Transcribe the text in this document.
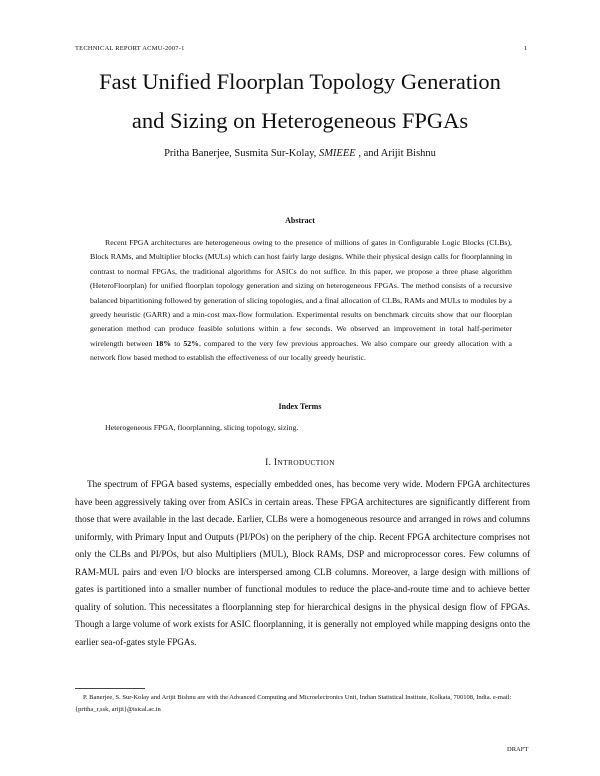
TECHNICAL REPORT ACMU-2007-1	1
Fast Unified Floorplan Topology Generation
and Sizing on Heterogeneous FPGAs
Pritha Banerjee, Susmita Sur-Kolay, SMIEEE , and Arijit Bishnu
Abstract
Recent FPGA architectures are heterogeneous owing to the presence of millions of gates in Configurable Logic Blocks (CLBs), Block RAMs, and Multiplier blocks (MULs) which can host fairly large designs. While their physical design calls for floorplanning in contrast to normal FPGAs, the traditional algorithms for ASICs do not suffice. In this paper, we propose a three phase algorithm (HeteroFloorplan) for unified floorplan topology generation and sizing on heterogeneous FPGAs. The method consists of a recursive balanced bipartitioning followed by generation of slicing topologies, and a final allocation of CLBs, RAMs and MULs to modules by a greedy heuristic (GARR) and a min-cost max-flow formulation. Experimental results on benchmark circuits show that our floorplan generation method can produce feasible solutions within a few seconds. We observed an improvement in total half-perimeter wirelength between 18% to 52%, compared to the very few previous approaches. We also compare our greedy allocation with a network flow based method to establish the effectiveness of our locally greedy heuristic.
Index Terms
Heterogeneous FPGA, floorplanning, slicing topology, sizing.
I. INTRODUCTION
The spectrum of FPGA based systems, especially embedded ones, has become very wide. Modern FPGA architectures have been aggressively taking over from ASICs in certain areas. These FPGA architectures are significantly different from those that were available in the last decade. Earlier, CLBs were a homogeneous resource and arranged in rows and columns uniformly, with Primary Input and Outputs (PI/POs) on the periphery of the chip. Recent FPGA architecture comprises not only the CLBs and PI/POs, but also Multipliers (MUL), Block RAMs, DSP and microprocessor cores. Few columns of RAM-MUL pairs and even I/O blocks are interspersed among CLB columns. Moreover, a large design with millions of gates is partitioned into a smaller number of functional modules to reduce the place-and-route time and to achieve better quality of solution. This necessitates a floorplanning step for hierarchical designs in the physical design flow of FPGAs. Though a large volume of work exists for ASIC floorplanning, it is generally not employed while mapping designs onto the earlier sea-of-gates style FPGAs.
P. Banerjee, S. Sur-Kolay and Arijit Bishnu are with the Advanced Computing and Microelectronics Unit, Indian Statistical Institute, Kolkata, 700108, India. e-mail:{pritha_r,ssk, arijit}@isical.ac.in
DRAFT
